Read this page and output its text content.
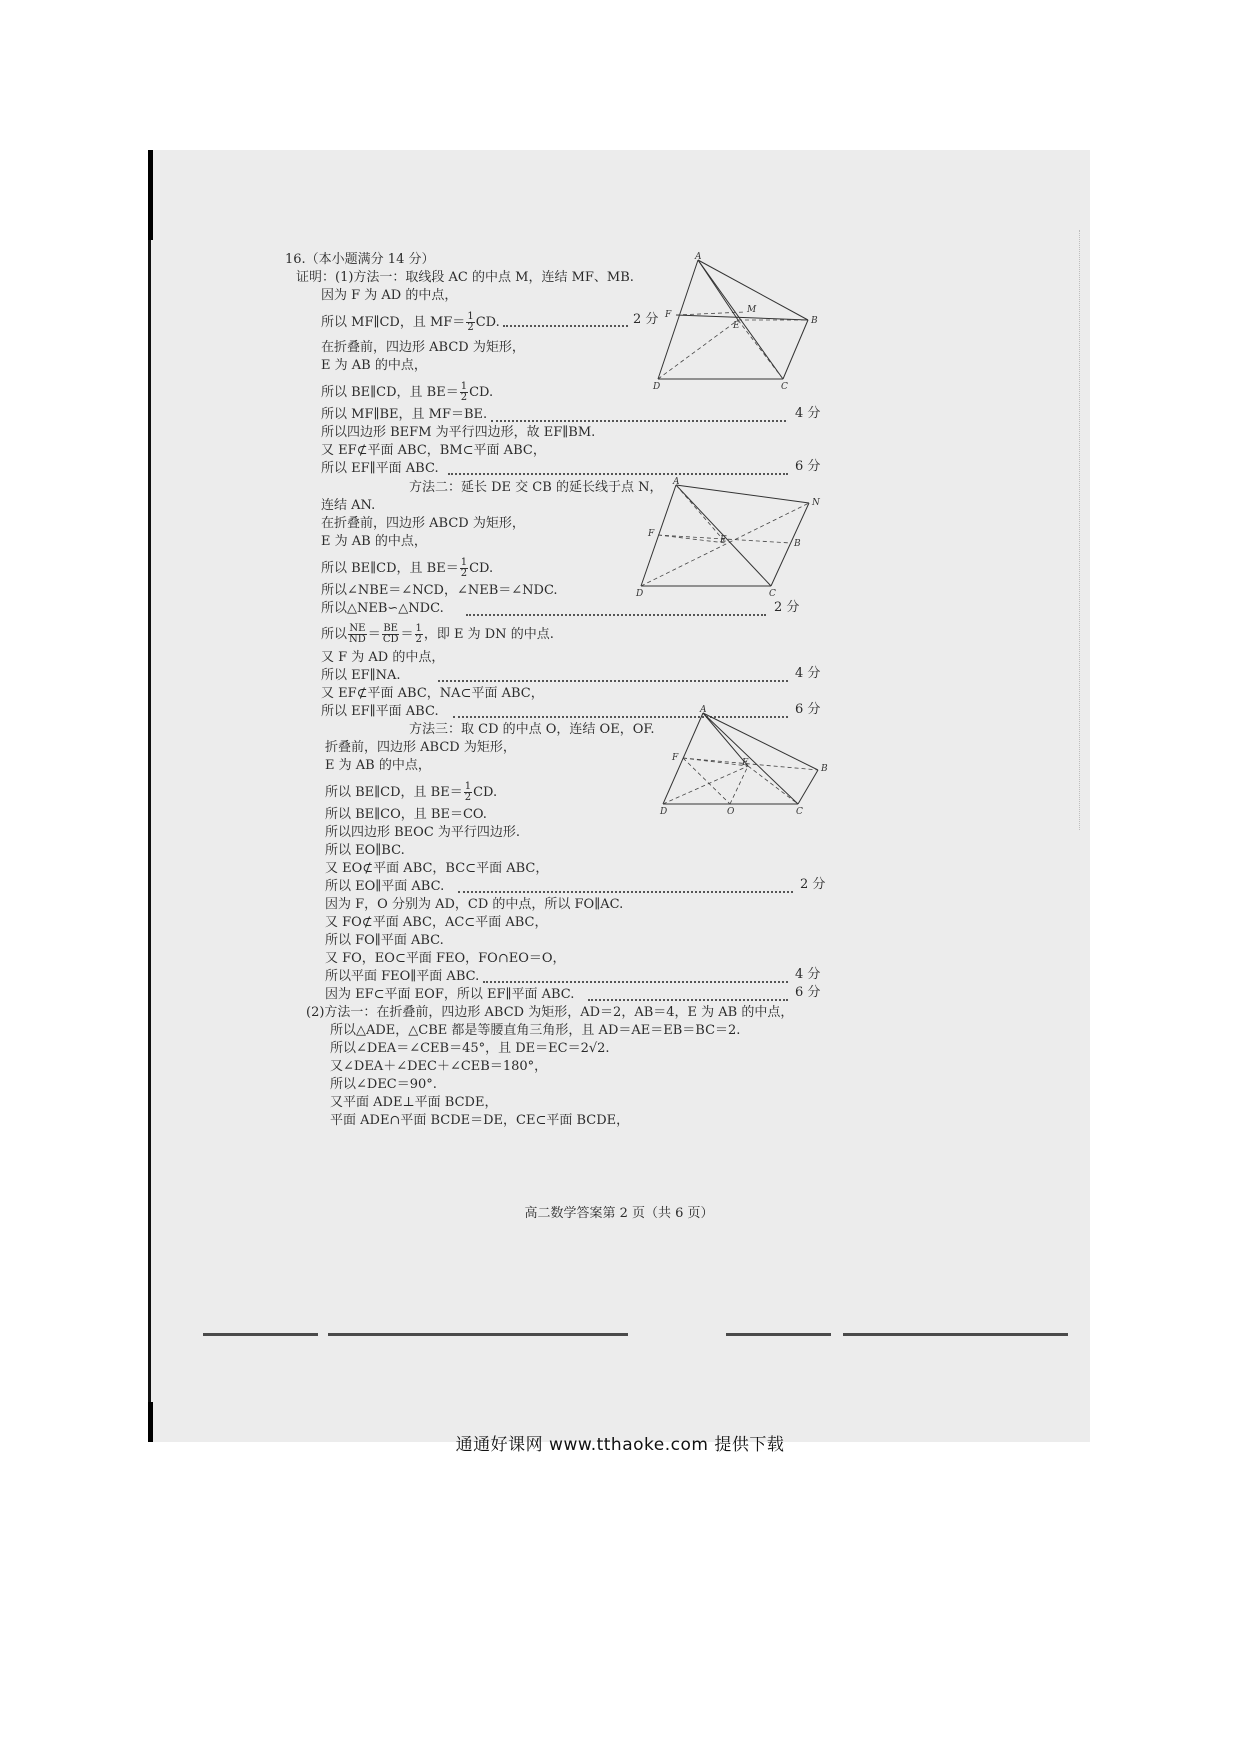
16.（本小题满分 14 分）
证明：(1)方法一：取线段 AC 的中点 M，连结 MF、MB.
因为 F 为 AD 的中点，
所以 MF∥CD，且 $MF= \frac{1}{2}$ CD.	2 分
在折叠前，四边形 ABCD 为矩形，
E 为 AB 的中点，
所以 BE∥CD，且 $BE= \frac{1}{2}$ CD.
所以 MF∥BE，且 MF＝BE.	4 分
所以四边形 BEFM 为平行四边形，故 EF∥BM.
又 EF⊄平面 ABC，BM⊂平面 ABC，
所以 EF∥平面 ABC.	6 分
A
F	M
E	B
D	C
方法二：延长 DE 交 CB 的延长线于点 N，
连结 AN.
在折叠前，四边形 ABCD 为矩形，
E 为 AB 的中点，
所以 BE∥CD，且 $BE= \frac{1}{2}$ CD.
所以∠NBE＝∠NCD，∠NEB＝∠NDC.
所以△NEB∽△NDC.	2 分
所以 $\frac{NE}{ND} = \frac{BE}{CD} = \frac{1}{2}$ ，即 E 为 DN 的中点.
又 F 为 AD 的中点，
所以 EF∥NA.	4 分
又 EF⊄平面 ABC，NA⊂平面 ABC，
所以 EF∥平面 ABC.	6 分
A
N
F
E	B
D	C
方法三：取 CD 的中点 O，连结 OE，OF.
折叠前，四边形 ABCD 为矩形，
E 为 AB 的中点，
所以 BE∥CD，且 $BE= \frac{1}{2}$ CD.
所以 BE∥CO，且 BE＝CO.
所以四边形 BEOC 为平行四边形.
所以 EO∥BC.
又 EO⊄平面 ABC，BC⊂平面 ABC，
所以 EO∥平面 ABC.	2 分
因为 F，O 分别为 AD，CD 的中点，所以 FO∥AC.
又 FO⊄平面 ABC，AC⊂平面 ABC，
所以 FO∥平面 ABC.
又 FO，EO⊂平面 FEO，FO∩EO＝O，
所以平面 FEO∥平面 ABC.	4 分
因为 EF⊂平面 EOF，所以 EF∥平面 ABC.	6 分
A
F	E
B
D	O	C
(2)方法一：在折叠前，四边形 ABCD 为矩形，AD＝2，AB＝4，E 为 AB 的中点，
所以△ADE，△CBE 都是等腰直角三角形，且 AD＝AE＝EB＝BC＝2.
所以∠DEA＝∠CEB＝45°，且 DE＝EC＝2√2.
又∠DEA＋∠DEC＋∠CEB＝180°，
所以∠DEC＝90°.
又平面 ADE⊥平面 BCDE，
平面 ADE∩平面 BCDE＝DE，CE⊂平面 BCDE，
高二数学答案第 2 页（共 6 页）
通通好课网 www.tthaoke.com 提供下载
